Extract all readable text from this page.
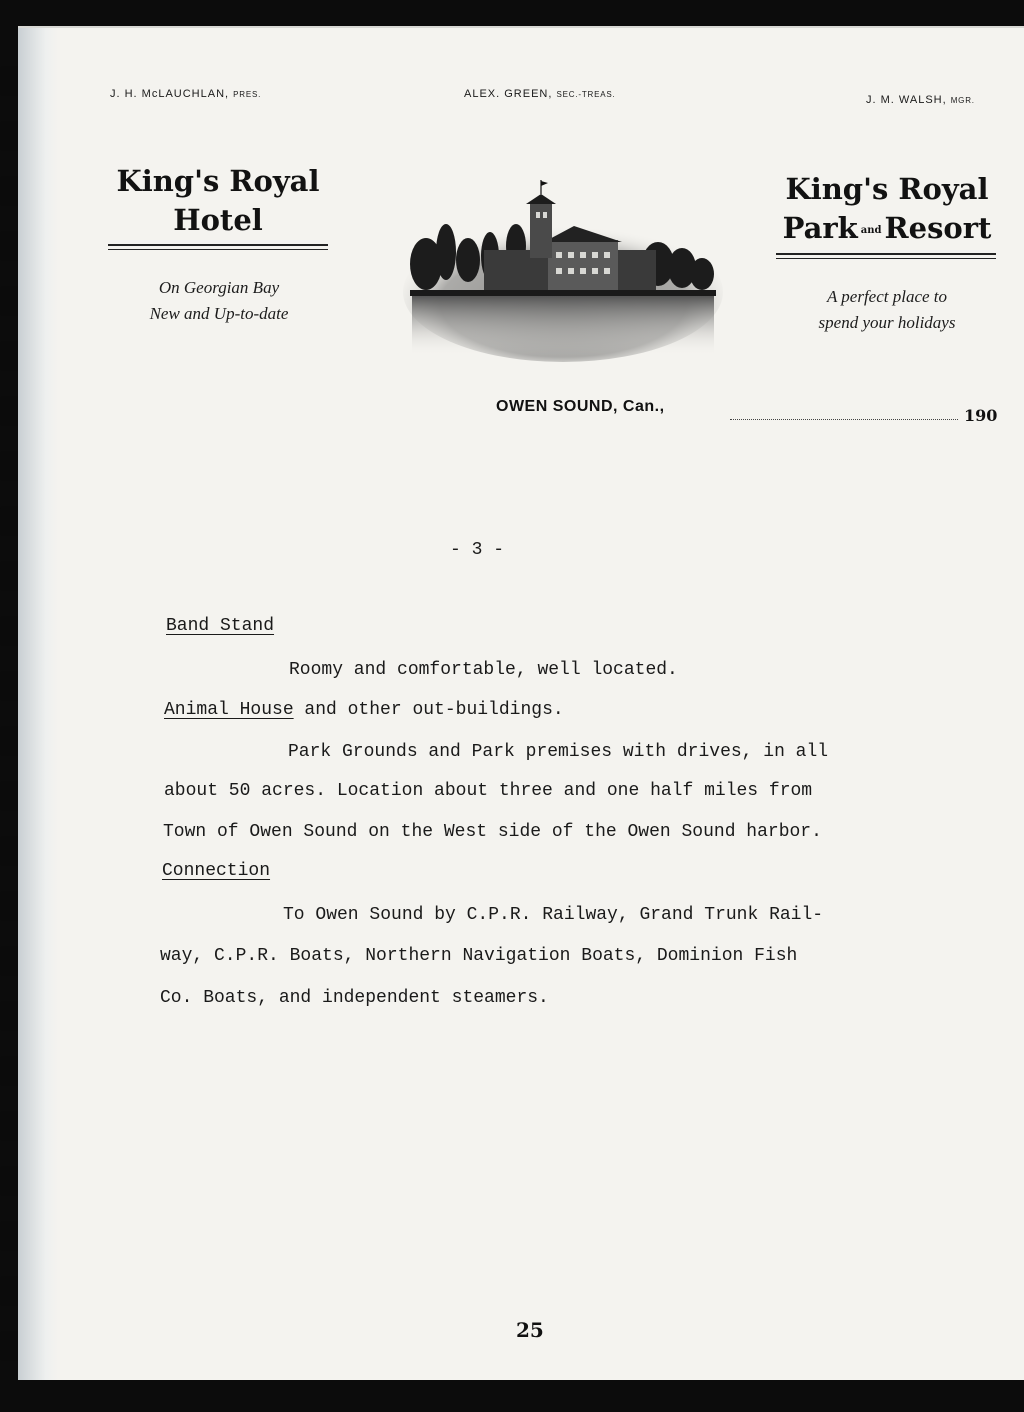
J. H. McLAUCHLAN, PRES.	ALEX. GREEN, SEC.-TREAS.	J. M. WALSH, MGR.
King's Royal
Hotel
On Georgian Bay
New and Up-to-date
King's Royal
Park and Resort
A perfect place to
spend your holidays
OWEN SOUND, Can.,	190
- 3 -
Band Stand
Roomy and comfortable, well located.
Animal House and other out-buildings.
Park Grounds and Park premises with drives, in all
about 50 acres. Location about three and one half miles from
Town of Owen Sound on the West side of the Owen Sound harbor.
Connection
To Owen Sound by C.P.R. Railway, Grand Trunk Rail-
way, C.P.R. Boats, Northern Navigation Boats, Dominion Fish
Co. Boats, and independent steamers.
25
